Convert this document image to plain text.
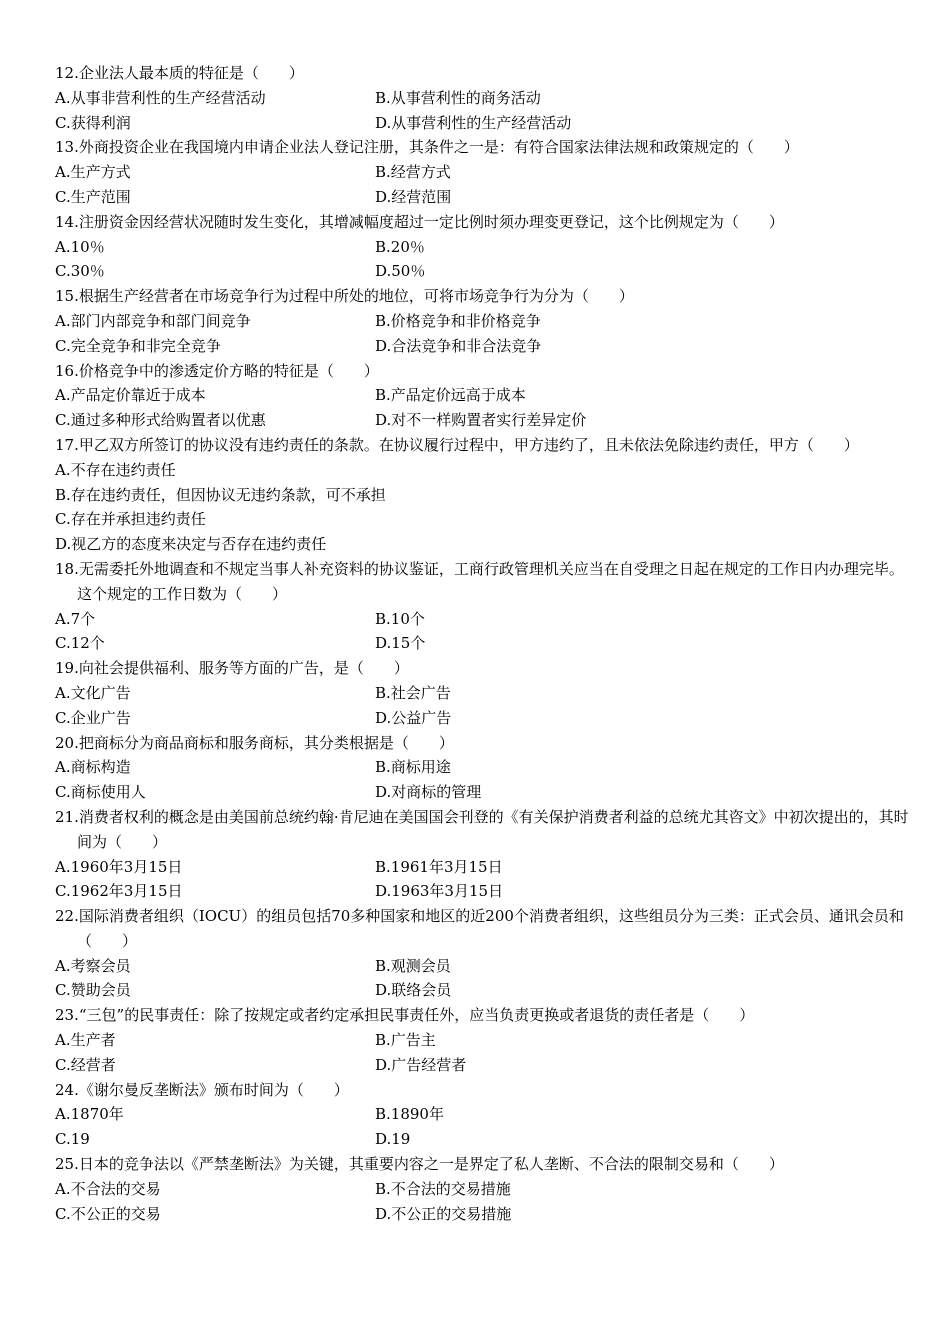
12.企业法人最本质的特征是（　　）
A.从事非营利性的生产经营活动	B.从事营利性的商务活动
C.获得利润	D.从事营利性的生产经营活动
13.外商投资企业在我国境内申请企业法人登记注册，其条件之一是：有符合国家法律法规和政策规定的（　　）
A.生产方式	B.经营方式
C.生产范围	D.经营范围
14.注册资金因经营状况随时发生变化，其增减幅度超过一定比例时须办理变更登记，这个比例规定为（　　）
A.10％	B.20％
C.30％	D.50％
15.根据生产经营者在市场竞争行为过程中所处的地位，可将市场竞争行为分为（　　）
A.部门内部竞争和部门间竞争	B.价格竞争和非价格竞争
C.完全竞争和非完全竞争	D.合法竞争和非合法竞争
16.价格竞争中的渗透定价方略的特征是（　　）
A.产品定价靠近于成本	B.产品定价远高于成本
C.通过多种形式给购置者以优惠	D.对不一样购置者实行差异定价
17.甲乙双方所签订的协议没有违约责任的条款。在协议履行过程中，甲方违约了，且未依法免除违约责任，甲方（　　）
A.不存在违约责任
B.存在违约责任，但因协议无违约条款，可不承担
C.存在并承担违约责任
D.视乙方的态度来决定与否存在违约责任
18.无需委托外地调查和不规定当事人补充资料的协议鉴证，工商行政管理机关应当在自受理之日起在规定的工作日内办理完毕。这个规定的工作日数为（　　）
A.7个	B.10个
C.12个	D.15个
19.向社会提供福利、服务等方面的广告，是（　　）
A.文化广告	B.社会广告
C.企业广告	D.公益广告
20.把商标分为商品商标和服务商标，其分类根据是（　　）
A.商标构造	B.商标用途
C.商标使用人	D.对商标的管理
21.消费者权利的概念是由美国前总统约翰·肯尼迪在美国国会刊登的《有关保护消费者利益的总统尤其咨文》中初次提出的，其时间为（　　）
A.1960年3月15日	B.1961年3月15日
C.1962年3月15日	D.1963年3月15日
22.国际消费者组织（IOCU）的组员包括70多种国家和地区的近200个消费者组织，这些组员分为三类：正式会员、通讯会员和（　　）
A.考察会员	B.观测会员
C.赞助会员	D.联络会员
23.“三包”的民事责任：除了按规定或者约定承担民事责任外，应当负责更换或者退货的责任者是（　　）
A.生产者	B.广告主
C.经营者	D.广告经营者
24.《谢尔曼反垄断法》颁布时间为（　　）
A.1870年	B.1890年
C.19	D.19
25.日本的竞争法以《严禁垄断法》为关键，其重要内容之一是界定了私人垄断、不合法的限制交易和（　　）
A.不合法的交易	B.不合法的交易措施
C.不公正的交易	D.不公正的交易措施
